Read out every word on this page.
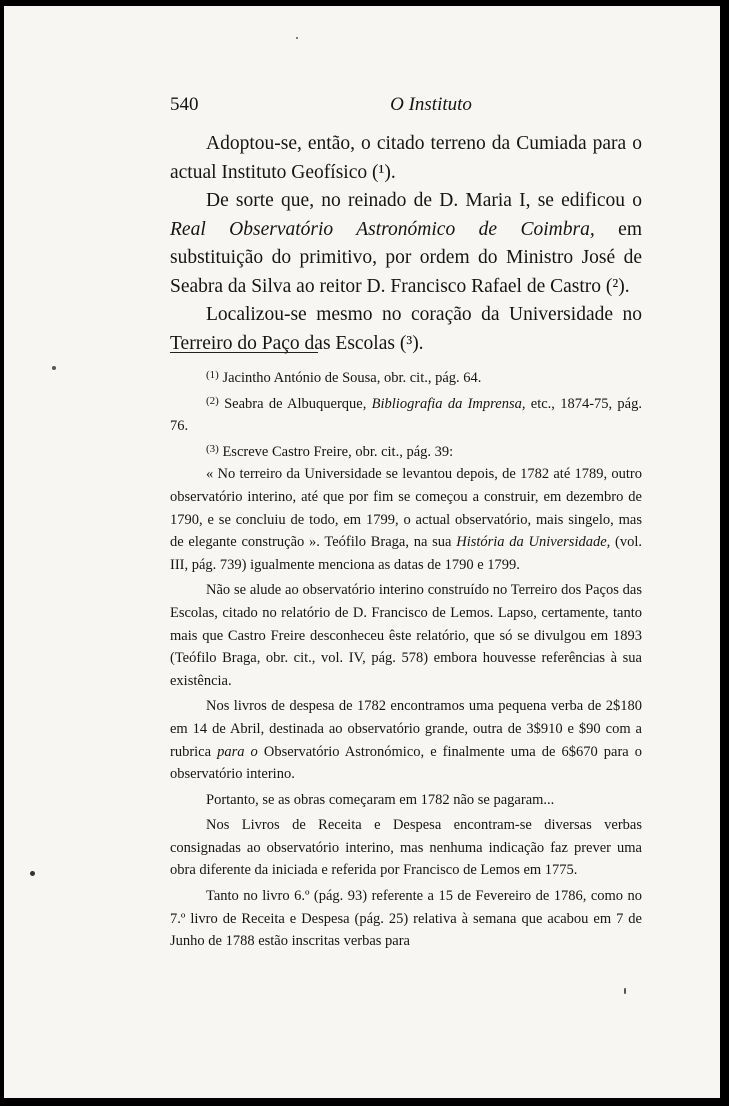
540	O Instituto

Adoptou-se, então, o citado terreno da Cumiada para o actual Instituto Geofísico (¹).

De sorte que, no reinado de D. Maria I, se edificou o Real Observatório Astronómico de Coimbra, em substituição do primitivo, por ordem do Ministro José de Seabra da Silva ao reitor D. Francisco Rafael de Castro (²).

Localizou-se mesmo no coração da Universidade no Terreiro do Paço das Escolas (³).

$^{(1)}$ Jacintho António de Sousa, obr. cit., pág. 64.

$^{(2)}$ Seabra de Albuquerque, Bibliografia da Imprensa, etc., 1874-75, pág. 76.

$^{(3)}$ Escreve Castro Freire, obr. cit., pág. 39:

« No terreiro da Universidade se levantou depois, de 1782 até 1789, outro observatório interino, até que por fim se começou a construir, em dezembro de 1790, e se concluiu de todo, em 1799, o actual observatório, mais singelo, mas de elegante construção ». Teófilo Braga, na sua História da Universidade, (vol. III, pág. 739) igualmente menciona as datas de 1790 e 1799.

Não se alude ao observatório interino construído no Terreiro dos Paços das Escolas, citado no relatório de D. Francisco de Lemos. Lapso, certamente, tanto mais que Castro Freire desconheceu êste relatório, que só se divulgou em 1893 (Teófilo Braga, obr. cit., vol. IV, pág. 578) embora houvesse referências à sua existência.

Nos livros de despesa de 1782 encontramos uma pequena verba de 2$180 em 14 de Abril, destinada ao observatório grande, outra de 3$910 e $90 com a rubrica para o Observatório Astronómico, e finalmente uma de 6$670 para o observatório interino.

Portanto, se as obras começaram em 1782 não se pagaram...

Nos Livros de Receita e Despesa encontram-se diversas verbas consignadas ao observatório interino, mas nenhuma indicação faz prever uma obra diferente da iniciada e referida por Francisco de Lemos em 1775.

Tanto no livro 6.º (pág. 93) referente a 15 de Fevereiro de 1786, como no 7.º livro de Receita e Despesa (pág. 25) relativa à semana que acabou em 7 de Junho de 1788 estão inscritas verbas para
